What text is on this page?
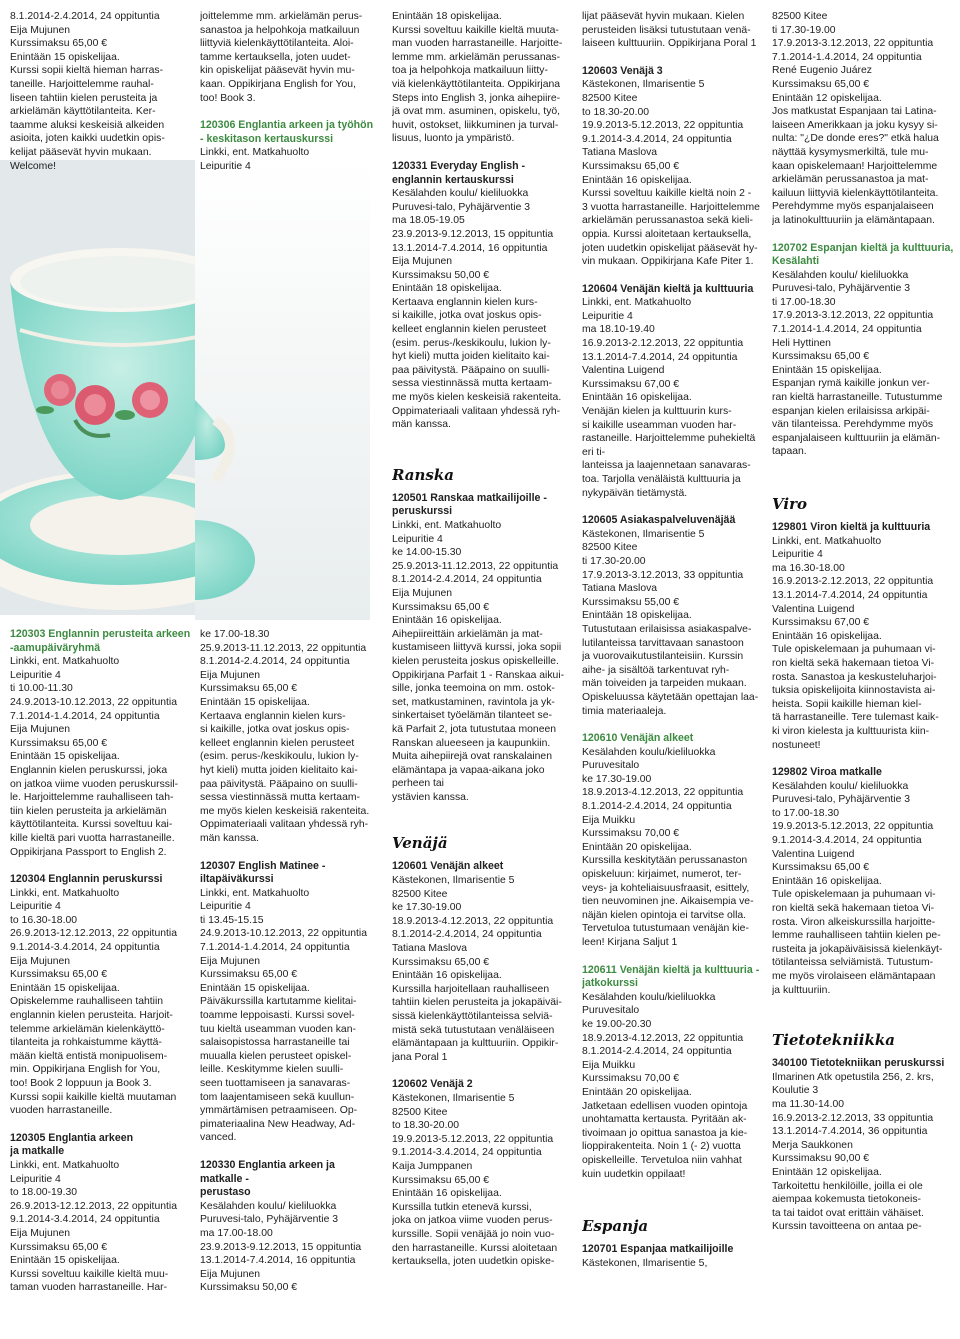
8.1.2014-2.4.2014, 24 oppituntia

Eija Mujunen

Kurssimaksu 65,00 €

Enintään 15 opiskelijaa.

Kurssi sopii kieltä hieman harras-
taneille. Harjoittelemme rauhal-
liseen tahtiin kielen perusteita ja
arkielämän käyttötilanteita. Ker-
taamme aluksi keskeisiä alkeiden
asioita, joten kaikki uudetkin opis-
kelijat pääsevät hyvin mukaan.
Welcome!

120303 Englannin perusteita arkeen
-aamupäiväryhmä

Linkki, ent. Matkahuolto

Leipuritie 4

ti 10.00-11.30

24.9.2013-10.12.2013, 22 oppituntia

7.1.2014-1.4.2014, 24 oppituntia

Eija Mujunen

Kurssimaksu 65,00 €

Enintään 15 opiskelijaa.

Englannin kielen peruskurssi, joka
on jatkoa viime vuoden peruskurssil-
le. Harjoittelemme rauhalliseen tah-
tiin kielen perusteita ja arkielämän
käyttötilanteita. Kurssi soveltuu kai-
kille kieltä pari vuotta harrastaneille.
Oppikirjana Passport to English 2.

120304 Englannin peruskurssi

Linkki, ent. Matkahuolto

Leipuritie 4

to 16.30-18.00

26.9.2013-12.12.2013, 22 oppituntia

9.1.2014-3.4.2014, 24 oppituntia

Eija Mujunen

Kurssimaksu 65,00 €

Enintään 15 opiskelijaa.

Opiskelemme rauhalliseen tahtiin
englannin kielen perusteita. Harjoit-
telemme arkielämän kielenkäyttö-
tilanteita ja rohkaistumme käyttä-
mään kieltä entistä monipuolisem-
min. Oppikirjana English for You,
too! Book 2 loppuun ja Book 3.
Kurssi sopii kaikille kieltä muutaman
vuoden harrastaneille.

120305 Englantia arkeen
ja matkalle

Linkki, ent. Matkahuolto

Leipuritie 4

to 18.00-19.30

26.9.2013-12.12.2013, 22 oppituntia

9.1.2014-3.4.2014, 24 oppituntia

Eija Mujunen

Kurssimaksu 65,00 €

Enintään 15 opiskelijaa.

Kurssi soveltuu kaikille kieltä muu-
taman vuoden harrastaneille. Har-

joittelemme mm. arkielämän perus-
sanastoa ja helpohkoja matkailuun
liittyviä kielenkäyttötilanteita. Aloi-
tamme kertauksella, joten uudet-
kin opiskelijat pääsevät hyvin mu-
kaan. Oppikirjana English for You,
too! Book 3.

120306 Englantia arkeen ja työhön
- keskitason kertauskurssi

Linkki, ent. Matkahuolto

Leipuritie 4

ke 17.00-18.30

25.9.2013-11.12.2013, 22 oppituntia

8.1.2014-2.4.2014, 24 oppituntia

Eija Mujunen

Kurssimaksu 65,00 €

Enintään 15 opiskelijaa.

Kertaava englannin kielen kurs-
si kaikille, jotka ovat joskus opis-
kelleet englannin kielen perusteet
(esim. perus-/keskikoulu, lukion ly-
hyt kieli) mutta joiden kielitaito kai-
paa päivitystä. Pääpaino on suulli-
sessa viestinnässä mutta kertaam-
me myös kielen keskeisiä rakenteita.
Oppimateriaali valitaan yhdessä ryh-
män kanssa.

120307 English Matinee -
iltapäiväkurssi

Linkki, ent. Matkahuolto

Leipuritie 4

ti 13.45-15.15

24.9.2013-10.12.2013, 22 oppituntia

7.1.2014-1.4.2014, 24 oppituntia

Eija Mujunen

Kurssimaksu 65,00 €

Enintään 15 opiskelijaa.

Päiväkurssilla kartutamme kielitai-
toamme leppoisasti. Kurssi sovel-
tuu kieltä useamman vuoden kan-
salaisopistossa harrastaneille tai
muualla kielen perusteet opiskel-
leille. Keskitymme kielen suulli-
seen tuottamiseen ja sanavaras-
tom laajentamiseen sekä kuullun-
ymmärtämisen petraamiseen. Op-
pimateriaalina New Headway, Ad-
vanced.

120330 Englantia arkeen ja matkalle -
perustaso

Kesälahden koulu/ kieliluokka

Puruvesi-talo, Pyhäjärventie 3

ma 17.00-18.00

23.9.2013-9.12.2013, 15 oppituntia

13.1.2014-7.4.2014, 16 oppituntia

Eija Mujunen

Kurssimaksu 50,00 €

Enintään 18 opiskelijaa.

Kurssi soveltuu kaikille kieltä muuta-
man vuoden harrastaneille. Harjoitte-
lemme mm. arkielämän perussanas-
toa ja helpohkoja matkailuun liitty-
viä kielenkäyttötilanteita. Oppikirjana
Steps into English 3, jonka aihepiire-
jä ovat mm. asuminen, opiskelu, työ,
huvit, ostokset, liikkuminen ja turval-
lisuus, luonto ja ympäristö.

120331 Everyday English -
englannin kertauskurssi

Kesälahden koulu/ kieliluokka

Puruvesi-talo, Pyhäjärventie 3

ma 18.05-19.05

23.9.2013-9.12.2013, 15 oppituntia

13.1.2014-7.4.2014, 16 oppituntia

Eija Mujunen

Kurssimaksu 50,00 €

Enintään 18 opiskelijaa.

Kertaava englannin kielen kurs-
si kaikille, jotka ovat joskus opis-
kelleet englannin kielen perusteet
(esim. perus-/keskikoulu, lukion ly-
hyt kieli) mutta joiden kielitaito kai-
paa päivitystä. Pääpaino on suulli-
sessa viestinnässä mutta kertaam-
me myös kielen keskeisiä rakenteita.
Oppimateriaali valitaan yhdessä ryh-
män kanssa.

Ranska
120501 Ranskaa matkailijoille -
peruskurssi

Linkki, ent. Matkahuolto

Leipuritie 4

ke 14.00-15.30

25.9.2013-11.12.2013, 22 oppituntia

8.1.2014-2.4.2014, 24 oppituntia

Eija Mujunen

Kurssimaksu 65,00 €

Enintään 16 opiskelijaa.

Aihepiireittäin arkielämän ja mat-
kustamiseen liittyvä kurssi, joka sopii
kielen perusteita joskus opiskelleille.
Oppikirjana Parfait 1 - Ranskaa aikui-
sille, jonka teemoina on mm. ostok-
set, matkustaminen, ravintola ja yk-
sinkertaiset työelämän tilanteet se-
kä Parfait 2, jota tutustutaa moneen
Ranskan alueeseen ja kaupunkiin.
Muita aihepiirejä ovat ranskalainen
elämäntapa ja vapaa-aikana joko perheen tai
ystävien kanssa.

Venäjä
120601 Venäjän alkeet

Kästekonen, Ilmarisentie 5

82500 Kitee

ke 17.30-19.00

18.9.2013-4.12.2013, 22 oppituntia

8.1.2014-2.4.2014, 24 oppituntia

Tatiana Maslova

Kurssimaksu 65,00 €

Enintään 16 opiskelijaa.

Kurssilla harjoitellaan rauhalliseen
tahtiin kielen perusteita ja jokapäiväi-
sissä kielenkäyttötilanteissa selviä-
mistä sekä tutustutaan venäläiseen
elämäntapaan ja kulttuuriin. Oppikir-
jana Poral 1

120602 Venäjä 2

Kästekonen, Ilmarisentie 5

82500 Kitee

to 18.30-20.00

19.9.2013-5.12.2013, 22 oppituntia

9.1.2014-3.4.2014, 24 oppituntia

Kaija Jumppanen

Kurssimaksu 65,00 €

Enintään 16 opiskelijaa.

Kurssilla tutkin etenevä kurssi,
joka on jatkoa viime vuoden perus-
kurssille. Sopii venäjää jo noin vuo-
den harrastaneille. Kurssi aloitetaan
kertauksella, joten uudetkin opiske-

lijat pääsevät hyvin mukaan. Kielen
perusteiden lisäksi tutustutaan venä-
laiseen kulttuuriin. Oppikirjana Poral 1

120603 Venäjä 3

Kästekonen, Ilmarisentie 5

82500 Kitee

to 18.30-20.00

19.9.2013-5.12.2013, 22 oppituntia

9.1.2014-3.4.2014, 24 oppituntia

Tatiana Maslova

Kurssimaksu 65,00 €

Enintään 16 opiskelijaa.

Kurssi soveltuu kaikille kieltä noin 2 -
3 vuotta harrastaneille. Harjoittelemme
arkielämän perussanastoa sekä kieli-
oppia. Kurssi aloitetaan kertauksella,
joten uudetkin opiskelijat pääsevät hy-
vin mukaan. Oppikirjana Kafe Piter 1.

120604 Venäjän kieltä ja kulttuuria

Linkki, ent. Matkahuolto

Leipuritie 4

ma 18.10-19.40

16.9.2013-2.12.2013, 22 oppituntia

13.1.2014-7.4.2014, 24 oppituntia

Valentina Luigend

Kurssimaksu 67,00 €

Enintään 16 opiskelijaa.

Venäjän kielen ja kulttuurin kurs-
si kaikille useamman vuoden har-
rastaneille. Harjoittelemme puhekieltä eri ti-
lanteissa ja laajennetaan sanavaras-
toa. Tarjolla venäläistä kulttuuria ja
nykypäivän tietämystä.

120605 Asiakaspalveluvenäjää

Kästekonen, Ilmarisentie 5

82500 Kitee

ti 17.30-20.00

17.9.2013-3.12.2013, 33 oppituntia

Tatiana Maslova

Kurssimaksu 55,00 €

Enintään 18 opiskelijaa.

Tutustutaan erilaisissa asiakaspalve-
lutilanteissa tarvittavaan sanastoon
ja vuorovaikutustilanteisiin. Kurssin
aihe- ja sisältöä tarkentuvat ryh-
män toiveiden ja tarpeiden mukaan.
Opiskeluussa käytetään opettajan laa-
timia materiaaleja.

120610 Venäjän alkeet

Kesälahden koulu/kieliluokka

Puruvesitalo

ke 17.30-19.00

18.9.2013-4.12.2013, 22 oppituntia

8.1.2014-2.4.2014, 24 oppituntia

Eija Muikku

Kurssimaksu 70,00 €

Enintään 20 opiskelijaa.

Kurssilla keskitytään perussanaston
opiskeluun: kirjaimet, numerot, ter-
veys- ja kohteliaisuusfraasit, esittely,
tien neuvominen jne. Aikaisempia ve-
näjän kielen opintoja ei tarvitse olla.
Tervetuloa tutustumaan venäjän kie-
leen! Kirjana Saljut 1

120611 Venäjän kieltä ja kulttuuria -
jatkokurssi

Kesälahden koulu/kieliluokka

Puruvesitalo

ke 19.00-20.30

18.9.2013-4.12.2013, 22 oppituntia

8.1.2014-2.4.2014, 24 oppituntia

Eija Muikku

Kurssimaksu 70,00 €

Enintään 20 opiskelijaa.

Jatketaan edellisen vuoden opintoja
unohtamatta kertausta. Pyritään ak-
tivoimaan jo opittua sanastoa ja kie-
lioppirakenteita. Noin 1 (- 2) vuotta
opiskelleille. Tervetuloa niin vahhat
kuin uudetkin oppilaat!

Espanja
120701 Espanjaa matkailijoille

Kästekonen, Ilmarisentie 5,

82500 Kitee

ti 17.30-19.00

17.9.2013-3.12.2013, 22 oppituntia

7.1.2014-1.4.2014, 24 oppituntia

René Eugenio Juárez

Kurssimaksu 65,00 €

Enintään 12 opiskelijaa.

Jos matkustat Espanjaan tai Latina-
laiseen Amerikkaan ja joku kysyy si-
nulta: "¿De donde eres?" etkä halua
näyttää kysymysmerkiltä, tule mu-
kaan opiskelemaan! Harjoittelemme
arkielämän perussanastoa ja mat-
kailuun liittyviä kielenkäyttötilanteita.
Perehdymme myös espanjalaiseen
ja latinokulttuuriin ja elämäntapaan.

120702 Espanjan kieltä ja kulttuuria,
Kesälahti

Kesälahden koulu/ kieliluokka

Puruvesi-talo, Pyhäjärventie 3

ti 17.00-18.30

17.9.2013-3.12.2013, 22 oppituntia

7.1.2014-1.4.2014, 24 oppituntia

Heli Hyttinen

Kurssimaksu 65,00 €

Enintään 15 opiskelijaa.

Espanjan rymä kaikille jonkun ver-
ran kieltä harrastaneille. Tutustumme
espanjan kielen erilaisissa arkipäi-
vän tilanteissa. Perehdymme myös
espanjalaiseen kulttuuriin ja elämän-
tapaan.

Viro
129801 Viron kieltä ja kulttuuria

Linkki, ent. Matkahuolto

Leipuritie 4

ma 16.30-18.00

16.9.2013-2.12.2013, 22 oppituntia

13.1.2014-7.4.2014, 24 oppituntia

Valentina Luigend

Kurssimaksu 67,00 €

Enintään 16 opiskelijaa.

Tule opiskelemaan ja puhumaan vi-
ron kieltä sekä hakemaan tietoa Vi-
rosta. Sanastoa ja keskusteluharjoi-
tuksia opiskelijoita kiinnostavista ai-
heista. Sopii kaikille hieman kiel-
tä harrastaneille. Tere tulemast kaik-
ki viron kielesta ja kulttuurista kiin-
nostuneet!

129802 Viroa matkalle

Kesälahden koulu/ kieliluokka

Puruvesi-talo, Pyhäjärventie 3

to 17.00-18.30

19.9.2013-5.12.2013, 22 oppituntia

9.1.2014-3.4.2014, 24 oppituntia

Valentina Luigend

Kurssimaksu 65,00 €

Enintään 16 opiskelijaa.

Tule opiskelemaan ja puhumaan vi-
ron kieltä sekä hakemaan tietoa Vi-
rosta. Viron alkeiskurssilla harjoitte-
lemme rauhalliseen tahtiin kielen pe-
rusteita ja jokapäiväisissä kielenkäyt-
tötilanteissa selviämistä. Tutustum-
me myös virolaiseen elämäntapaan
ja kulttuuriin.

Tietotekniikka
340100 Tietotekniikan peruskurssi

Ilmarinen Atk opetustila 256, 2. krs,

Koulutie 3

ma 11.30-14.00

16.9.2013-2.12.2013, 33 oppituntia

13.1.2014-7.4.2014, 36 oppituntia

Merja Saukkonen

Kurssimaksu 90,00 €

Enintään 12 opiskelijaa.

Tarkoitettu henkilöille, joilla ei ole
aiempaa kokemusta tietokoneis-
ta tai taidot ovat erittäin vähäiset.
Kurssin tavoitteena on antaa pe-
